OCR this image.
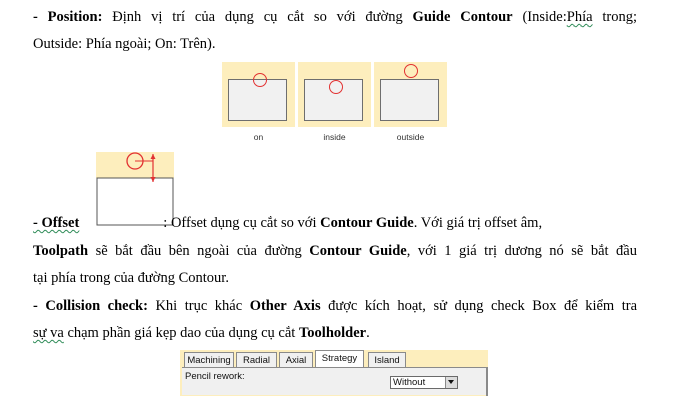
- Position: Định vị trí của dụng cụ cắt so với đường Guide Contour (Inside:Phía trong;
Outside: Phía ngoài; On: Trên).
on	inside	outside
- Offset	: Offset dụng cụ cắt so với Contour Guide. Với giá trị offset âm,
Toolpath sẽ bắt đầu bên ngoài của đường Contour Guide, với 1 giá trị dương nó sẽ bắt đầu
tại phía trong của đường Contour.
- Collision check: Khi trục khác Other Axis được kích hoạt, sử dụng check Box để kiểm tra
sự va chạm phần giá kẹp dao của dụng cụ cắt Toolholder.
Machining	Radial	Axial	Strategy	Island
Pencil rework:
Without
